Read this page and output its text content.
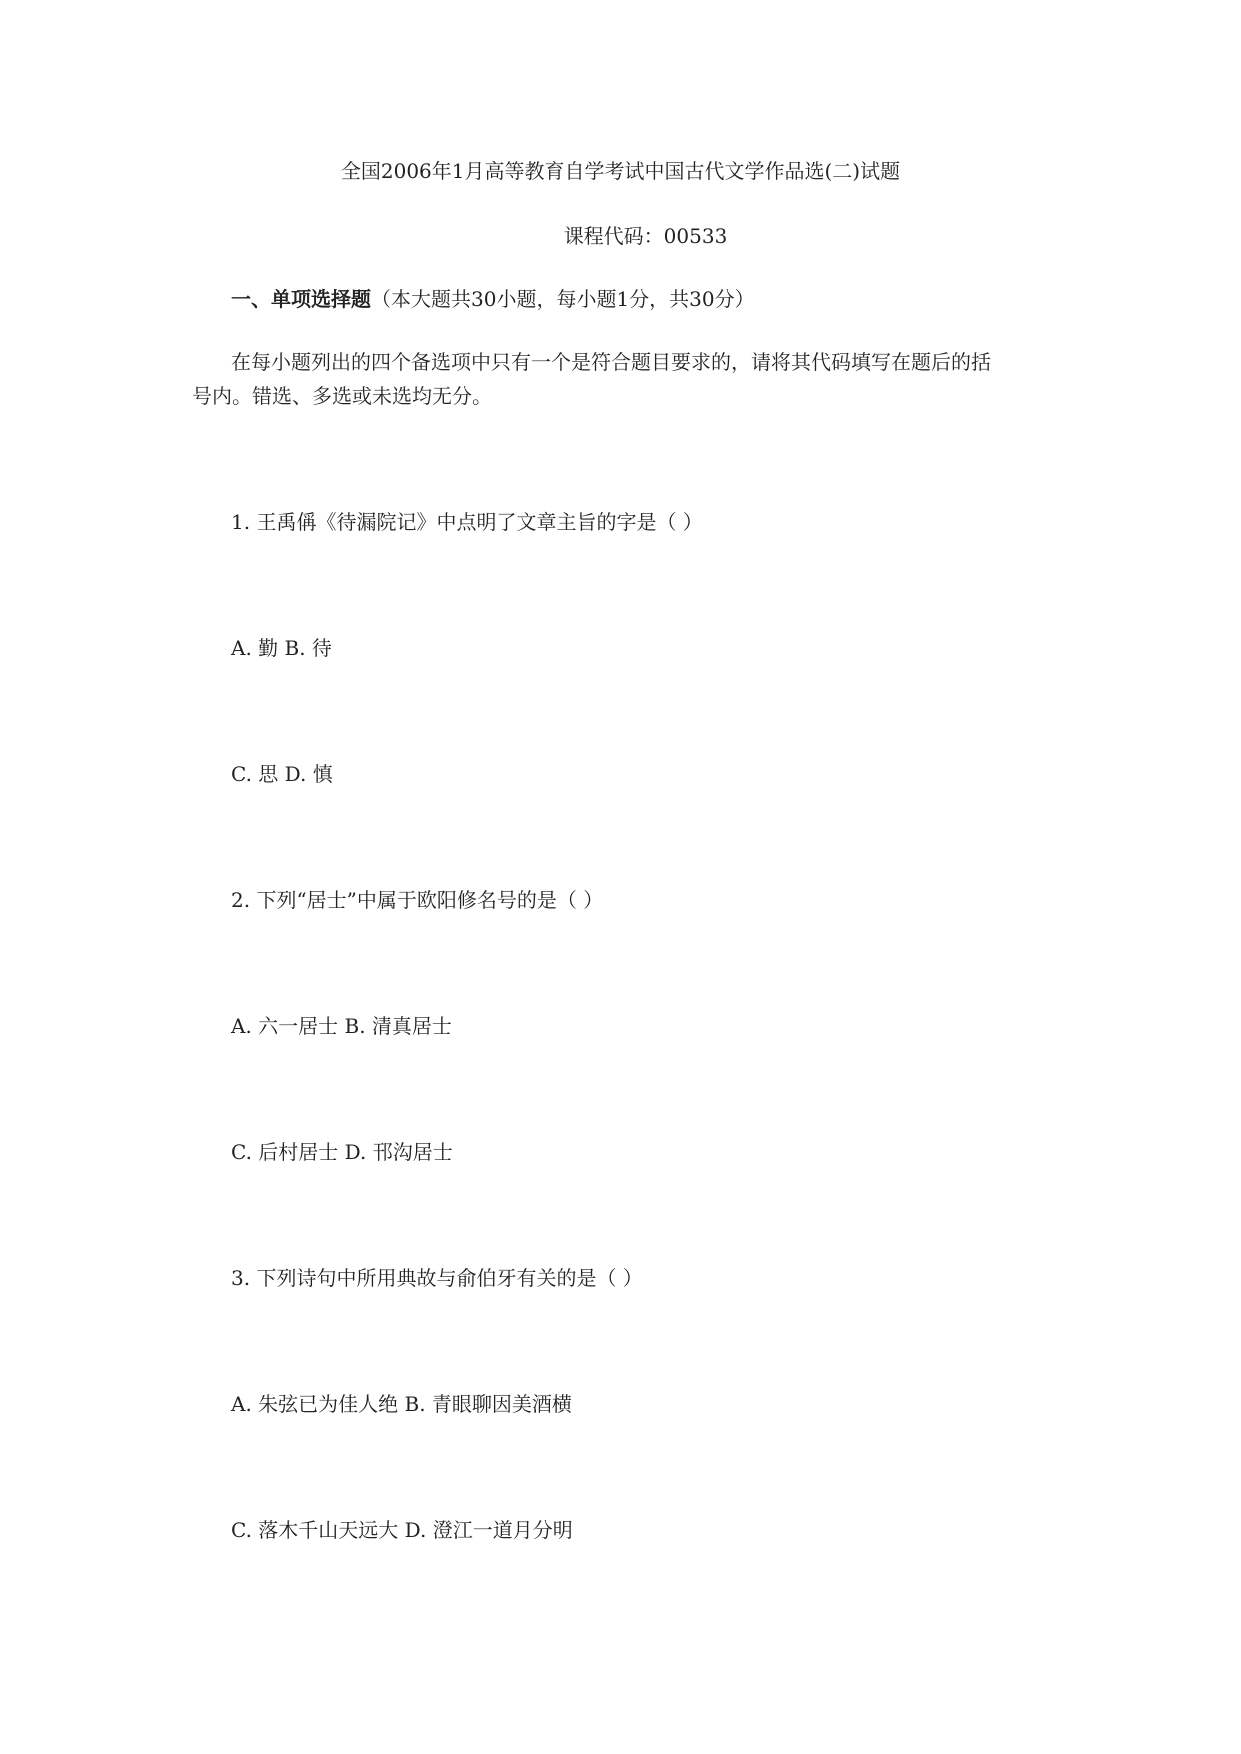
全国2006年1月高等教育自学考试中国古代文学作品选(二)试题
课程代码：00533
一、单项选择题（本大题共30小题，每小题1分，共30分）
在每小题列出的四个备选项中只有一个是符合题目要求的，请将其代码填写在题后的括
号内。错选、多选或未选均无分。
1. 王禹偁《待漏院记》中点明了文章主旨的字是（ ）
A. 勤 B. 待
C. 思 D. 慎
2. 下列“居士”中属于欧阳修名号的是（ ）
A. 六一居士 B. 清真居士
C. 后村居士 D. 邗沟居士
3. 下列诗句中所用典故与俞伯牙有关的是（ ）
A. 朱弦已为佳人绝 B. 青眼聊因美酒横
C. 落木千山天远大 D. 澄江一道月分明
